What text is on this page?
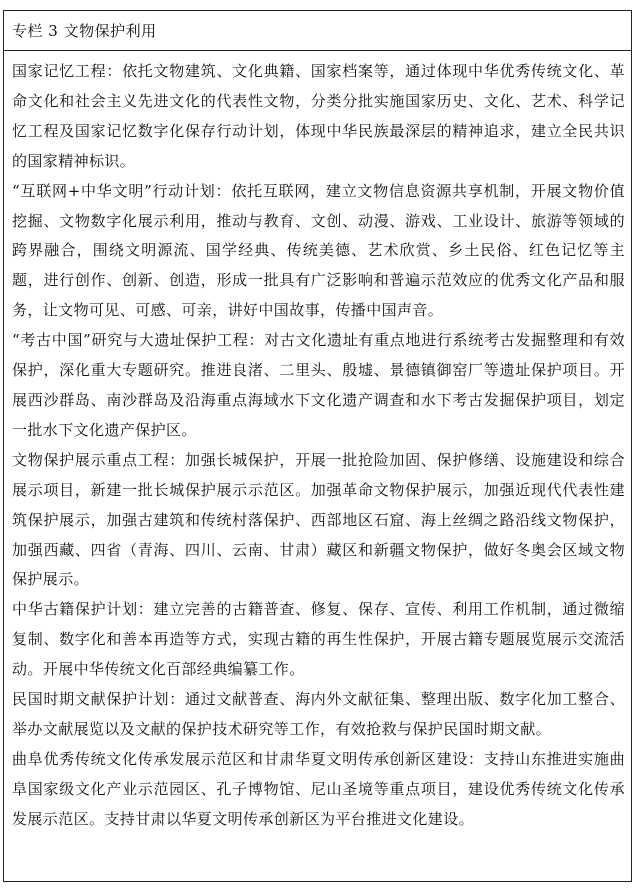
专栏 3 文物保护利用
国家记忆工程：依托文物建筑、文化典籍、国家档案等，通过体现中华优秀传统文化、革命文化和社会主义先进文化的代表性文物，分类分批实施国家历史、文化、艺术、科学记忆工程及国家记忆数字化保存行动计划，体现中华民族最深层的精神追求，建立全民共识的国家精神标识。
“互联网+中华文明”行动计划：依托互联网，建立文物信息资源共享机制，开展文物价值挖掘、文物数字化展示利用，推动与教育、文创、动漫、游戏、工业设计、旅游等领域的跨界融合，围绕文明源流、国学经典、传统美德、艺术欣赏、乡土民俗、红色记忆等主题，进行创作、创新、创造，形成一批具有广泛影响和普遍示范效应的优秀文化产品和服务，让文物可见、可感、可亲，讲好中国故事，传播中国声音。
“考古中国”研究与大遗址保护工程：对古文化遗址有重点地进行系统考古发掘整理和有效保护，深化重大专题研究。推进良渚、二里头、殷墟、景德镇御窑厂等遗址保护项目。开展西沙群岛、南沙群岛及沿海重点海域水下文化遗产调查和水下考古发掘保护项目，划定一批水下文化遗产保护区。
文物保护展示重点工程：加强长城保护，开展一批抢险加固、保护修缮、设施建设和综合展示项目，新建一批长城保护展示示范区。加强革命文物保护展示，加强近现代代表性建筑保护展示，加强古建筑和传统村落保护、西部地区石窟、海上丝绸之路沿线文物保护，加强西藏、四省（青海、四川、云南、甘肃）藏区和新疆文物保护，做好冬奥会区域文物保护展示。
中华古籍保护计划：建立完善的古籍普查、修复、保存、宣传、利用工作机制，通过微缩复制、数字化和善本再造等方式，实现古籍的再生性保护，开展古籍专题展览展示交流活动。开展中华传统文化百部经典编纂工作。
民国时期文献保护计划：通过文献普查、海内外文献征集、整理出版、数字化加工整合、举办文献展览以及文献的保护技术研究等工作，有效抢救与保护民国时期文献。
曲阜优秀传统文化传承发展示范区和甘肃华夏文明传承创新区建设：支持山东推进实施曲阜国家级文化产业示范园区、孔子博物馆、尼山圣境等重点项目，建设优秀传统文化传承发展示范区。支持甘肃以华夏文明传承创新区为平台推进文化建设。
